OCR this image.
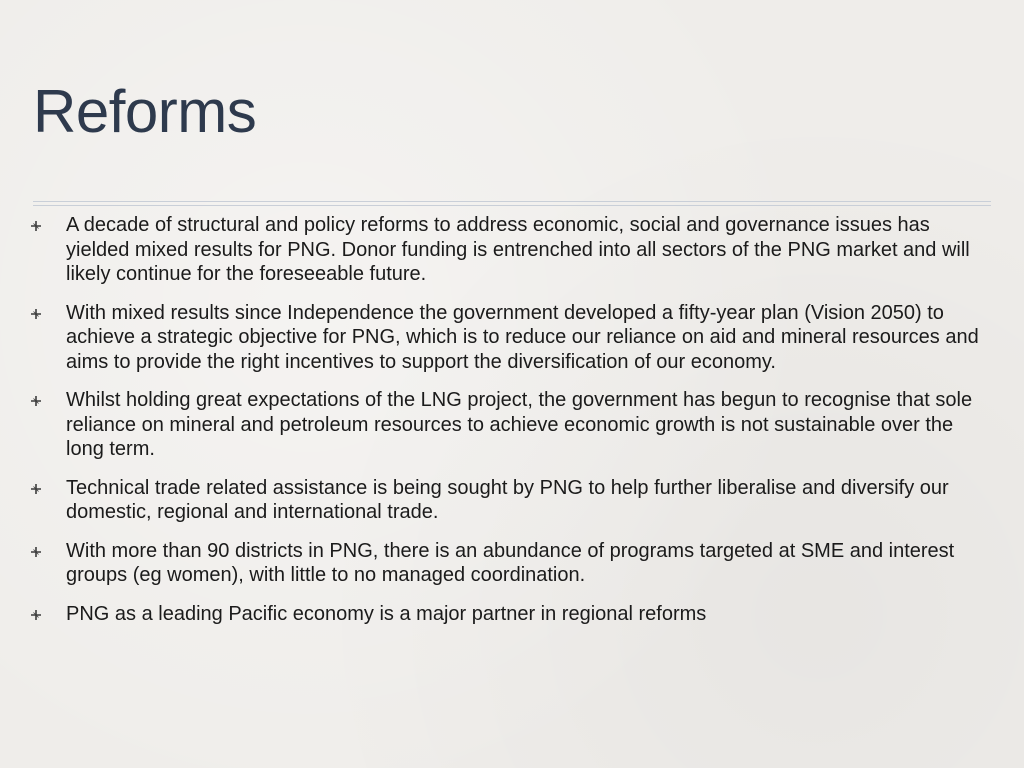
Reforms
A decade of structural and policy reforms to address economic, social and governance issues has yielded mixed results for PNG. Donor funding is entrenched into all sectors of the PNG market and will likely continue for the foreseeable future.
With mixed results since Independence the government developed a fifty-year plan (Vision 2050) to achieve a strategic objective for PNG, which is to reduce our reliance on aid and mineral resources and aims to provide the right incentives to support the diversification of our economy.
Whilst holding great expectations of the LNG project, the government has begun to recognise that sole reliance on mineral and petroleum resources to achieve economic growth is not sustainable over the long term.
Technical trade related assistance is being sought by PNG to help further liberalise and diversify our domestic, regional and international trade.
With more than 90 districts in PNG, there is an abundance of programs targeted at SME and interest groups (eg women), with little to no managed coordination.
PNG as a leading Pacific economy is a major partner in regional reforms
